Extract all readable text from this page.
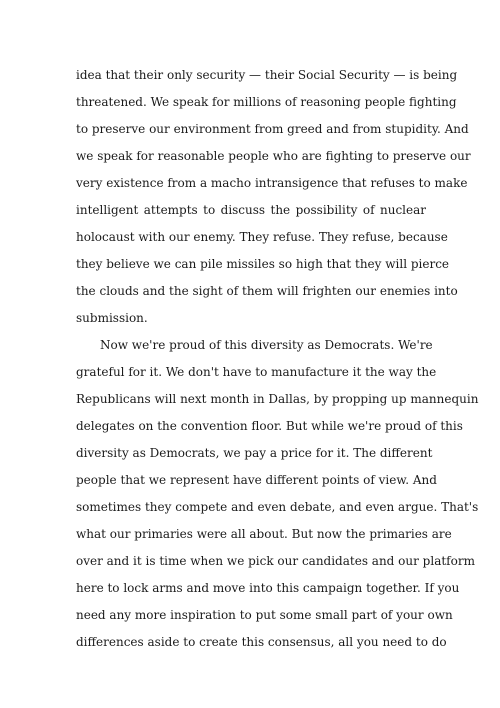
idea that their only security — their Social Security — is being
threatened. We speak for millions of reasoning people fighting
to preserve our environment from greed and from stupidity. And
we speak for reasonable people who are fighting to preserve our
very existence from a macho intransigence that refuses to make
intelligent attempts to discuss the possibility of nuclear
holocaust with our enemy. They refuse. They refuse, because
they believe we can pile missiles so high that they will pierce
the clouds and the sight of them will frighten our enemies into
submission.
Now we're proud of this diversity as Democrats. We're
grateful for it. We don't have to manufacture it the way the
Republicans will next month in Dallas, by propping up mannequin
delegates on the convention floor. But while we're proud of this
diversity as Democrats, we pay a price for it. The different
people that we represent have different points of view. And
sometimes they compete and even debate, and even argue. That's
what our primaries were all about. But now the primaries are
over and it is time when we pick our candidates and our platform
here to lock arms and move into this campaign together. If you
need any more inspiration to put some small part of your own
differences aside to create this consensus, all you need to do
